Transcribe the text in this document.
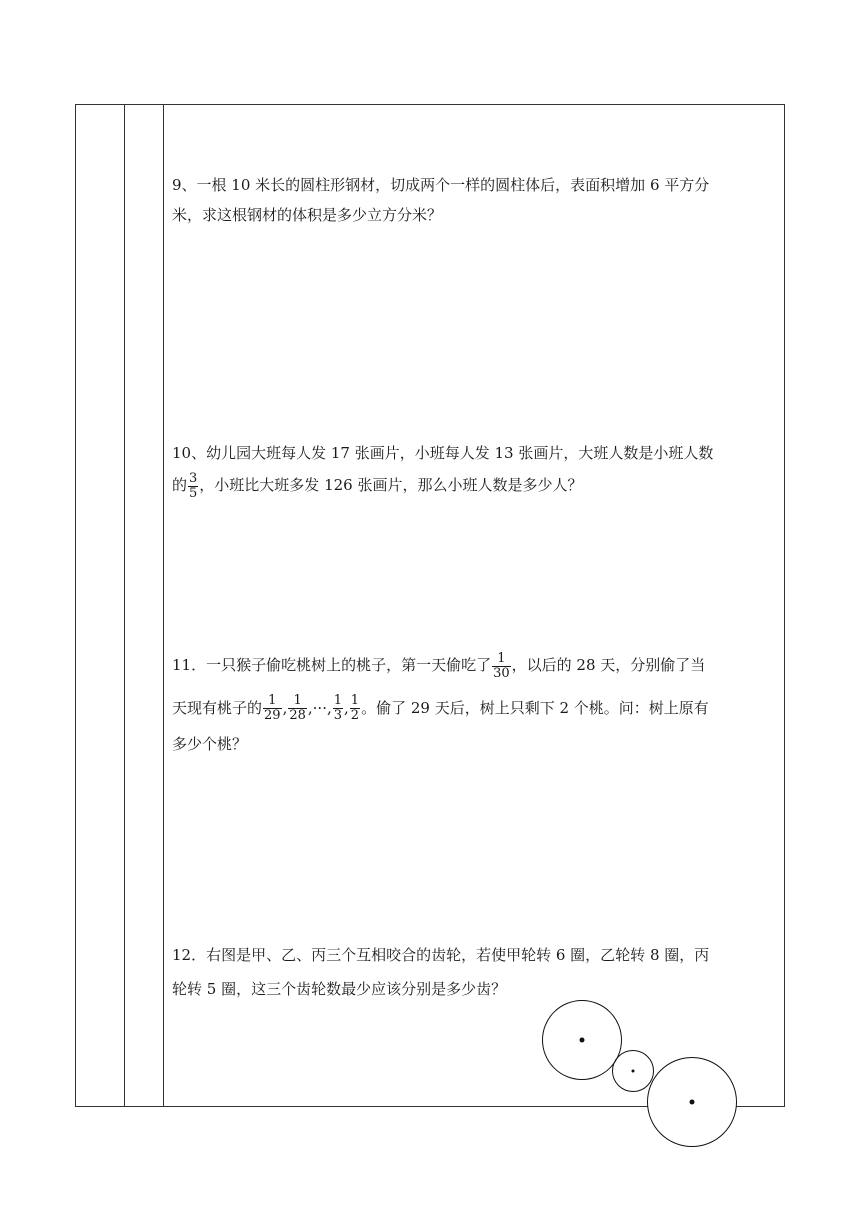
9、一根 10 米长的圆柱形钢材，切成两个一样的圆柱体后，表面积增加 6 平方分
米，求这根钢材的体积是多少立方分米？
10、幼儿园大班每人发 17 张画片，小班每人发 13 张画片，大班人数是小班人数
的 $\frac{3}{5}$ ，小班比大班多发 126 张画片，那么小班人数是多少人？
11．一只猴子偷吃桃树上的桃子，第一天偷吃了 $\frac{1}{30}$ ，以后的 28 天，分别偷了当
天现有桃子的 $\frac{1}{29}$ , $\frac{1}{28}$ ,···, $\frac{1}{3}$ , $\frac{1}{2}$ 。偷了 29 天后，树上只剩下 2 个桃。问：树上原有
多少个桃？
12．右图是甲、乙、丙三个互相咬合的齿轮，若使甲轮转 6 圈，乙轮转 8 圈，丙
轮转 5 圈，这三个齿轮数最少应该分别是多少齿？
